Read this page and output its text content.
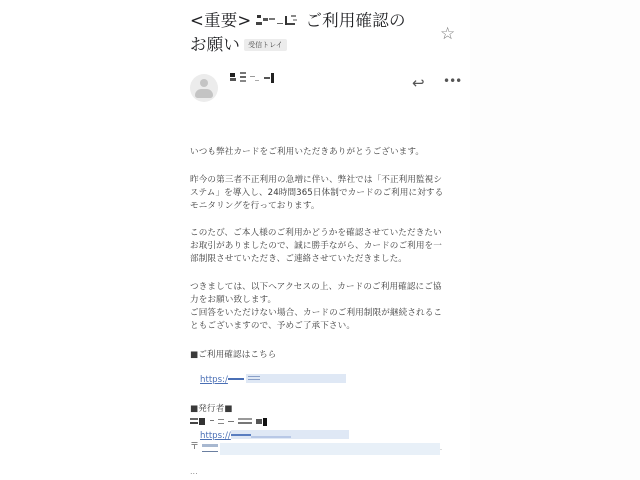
<重要>	ご利用確認の
お願い 受信トレイ
☆
↩ •••
いつも弊社カードをご利用いただきありがとうございます。
昨今の第三者不正利用の急増に伴い、弊社では「不正利用監視シ
ステム」を導入し、24時間365日体制でカードのご利用に対する
モニタリングを行っております。
このたび、ご本人様のご利用かどうかを確認させていただきたい
お取引がありましたので、誠に勝手ながら、カードのご利用を一
部制限させていただき、ご連絡させていただきました。
つきましては、以下へアクセスの上、カードのご利用確認にご協
力をお願い致します。
ご回答をいただけない場合、カードのご利用制限が継続されるこ
ともございますので、予めご了承下さい。
■ご利用確認はこちら
https:/
■発行者■
https://
〒
...
